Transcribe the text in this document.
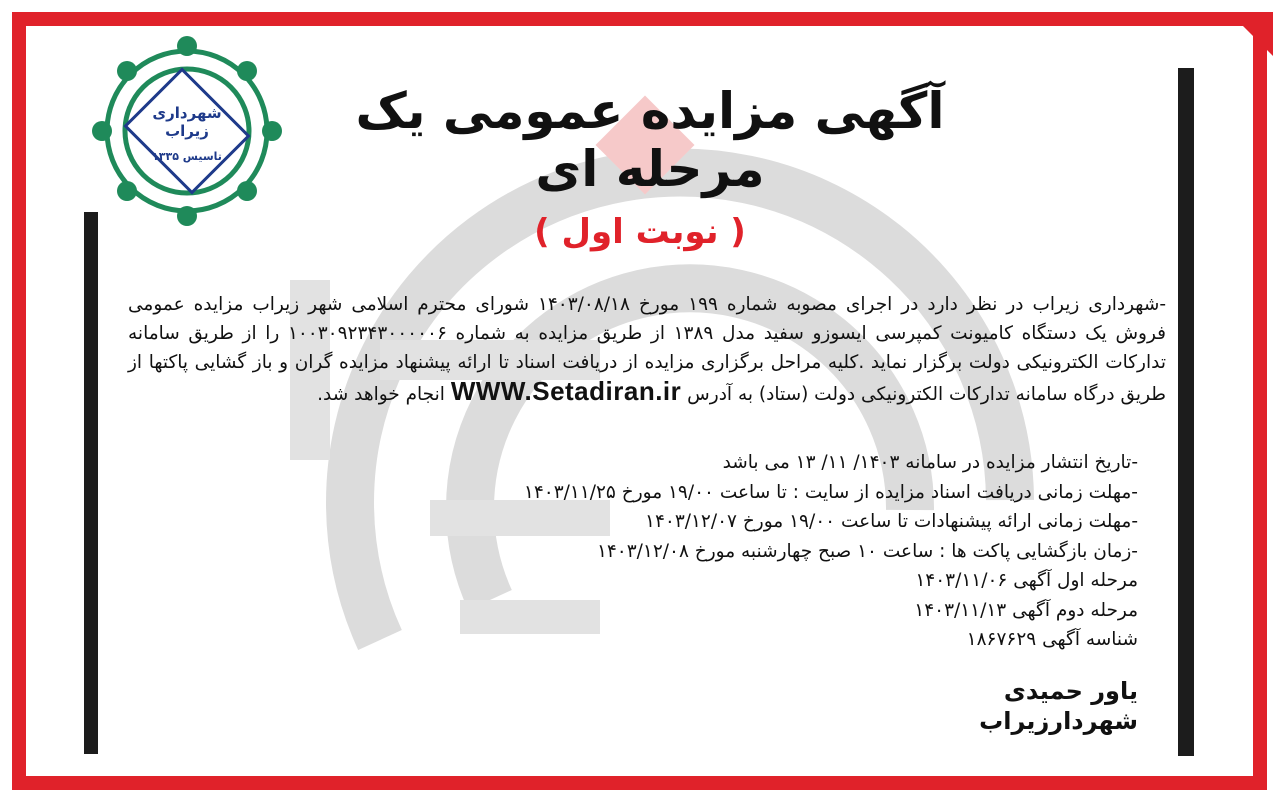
شهرداری زیراب
تاسیس ۱۳۳۵
آگهی مزایده عمومی یک مرحله ای
( نوبت اول )
-شهرداری زیراب در نظر دارد در اجرای مصوبه شماره ۱۹۹ مورخ ۱۴۰۳/۰۸/۱۸ شورای محترم اسلامی شهر زیراب مزایده عمومی فروش یک دستگاه کامیونت کمپرسی ایسوزو سفید مدل ۱۳۸۹ از طریق مزایده به شماره ۱۰۰۳۰۹۲۳۴۳۰۰۰۰۰۶ را از طریق سامانه تدارکات الکترونیکی دولت برگزار نماید .کلیه مراحل برگزاری مزایده از دریافت اسناد تا ارائه پیشنهاد مزایده گران و باز گشایی پاکتها از طریق درگاه سامانه تدارکات الکترونیکی دولت (ستاد) به آدرس WWW.Setadiran.ir انجام خواهد شد.
-تاریخ انتشار مزایده در سامانه ۱۴۰۳/ ۱۱/ ۱۳ می باشد
-مهلت زمانی دریافت اسناد مزایده از سایت : تا ساعت ۱۹/۰۰ مورخ ۱۴۰۳/۱۱/۲۵
-مهلت زمانی ارائه پیشنهادات تا ساعت ۱۹/۰۰ مورخ ۱۴۰۳/۱۲/۰۷
-زمان بازگشایی پاکت ها : ساعت ۱۰ صبح چهارشنبه مورخ ۱۴۰۳/۱۲/۰۸
مرحله اول آگهی ۱۴۰۳/۱۱/۰۶
مرحله دوم آگهی ۱۴۰۳/۱۱/۱۳
شناسه آگهی ۱۸۶۷۶۲۹
یاور حمیدی
شهردارزیراب
